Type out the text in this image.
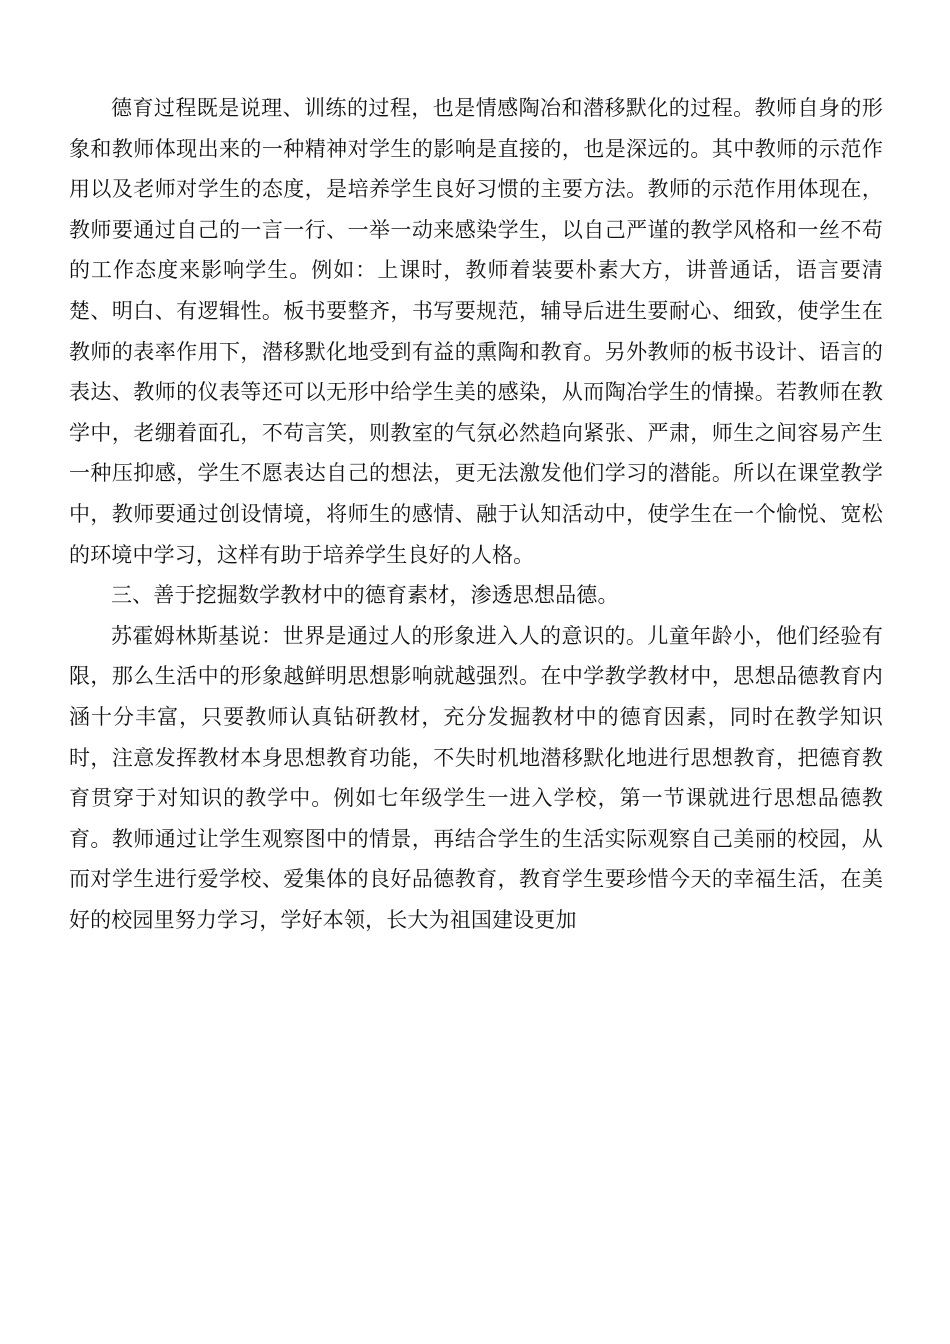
德育过程既是说理、训练的过程，也是情感陶冶和潜移默化的过程。教师自身的形象和教师体现出来的一种精神对学生的影响是直接的，也是深远的。其中教师的示范作用以及老师对学生的态度，是培养学生良好习惯的主要方法。教师的示范作用体现在，教师要通过自己的一言一行、一举一动来感染学生，以自己严谨的教学风格和一丝不苟的工作态度来影响学生。例如：上课时，教师着装要朴素大方，讲普通话，语言要清楚、明白、有逻辑性。板书要整齐，书写要规范，辅导后进生要耐心、细致，使学生在教师的表率作用下，潜移默化地受到有益的熏陶和教育。另外教师的板书设计、语言的表达、教师的仪表等还可以无形中给学生美的感染，从而陶冶学生的情操。若教师在教学中，老绷着面孔，不苟言笑，则教室的气氛必然趋向紧张、严肃，师生之间容易产生一种压抑感，学生不愿表达自己的想法，更无法激发他们学习的潜能。所以在课堂教学中，教师要通过创设情境，将师生的感情、融于认知活动中，使学生在一个愉悦、宽松的环境中学习，这样有助于培养学生良好的人格。

三、善于挖掘数学教材中的德育素材，渗透思想品德。

苏霍姆林斯基说：世界是通过人的形象进入人的意识的。儿童年龄小，他们经验有限，那么生活中的形象越鲜明思想影响就越强烈。在中学教学教材中，思想品德教育内涵十分丰富，只要教师认真钻研教材，充分发掘教材中的德育因素，同时在教学知识时，注意发挥教材本身思想教育功能，不失时机地潜移默化地进行思想教育，把德育教育贯穿于对知识的教学中。例如七年级学生一进入学校，第一节课就进行思想品德教育。教师通过让学生观察图中的情景，再结合学生的生活实际观察自己美丽的校园，从而对学生进行爱学校、爱集体的良好品德教育，教育学生要珍惜今天的幸福生活，在美好的校园里努力学习，学好本领，长大为祖国建设更加
